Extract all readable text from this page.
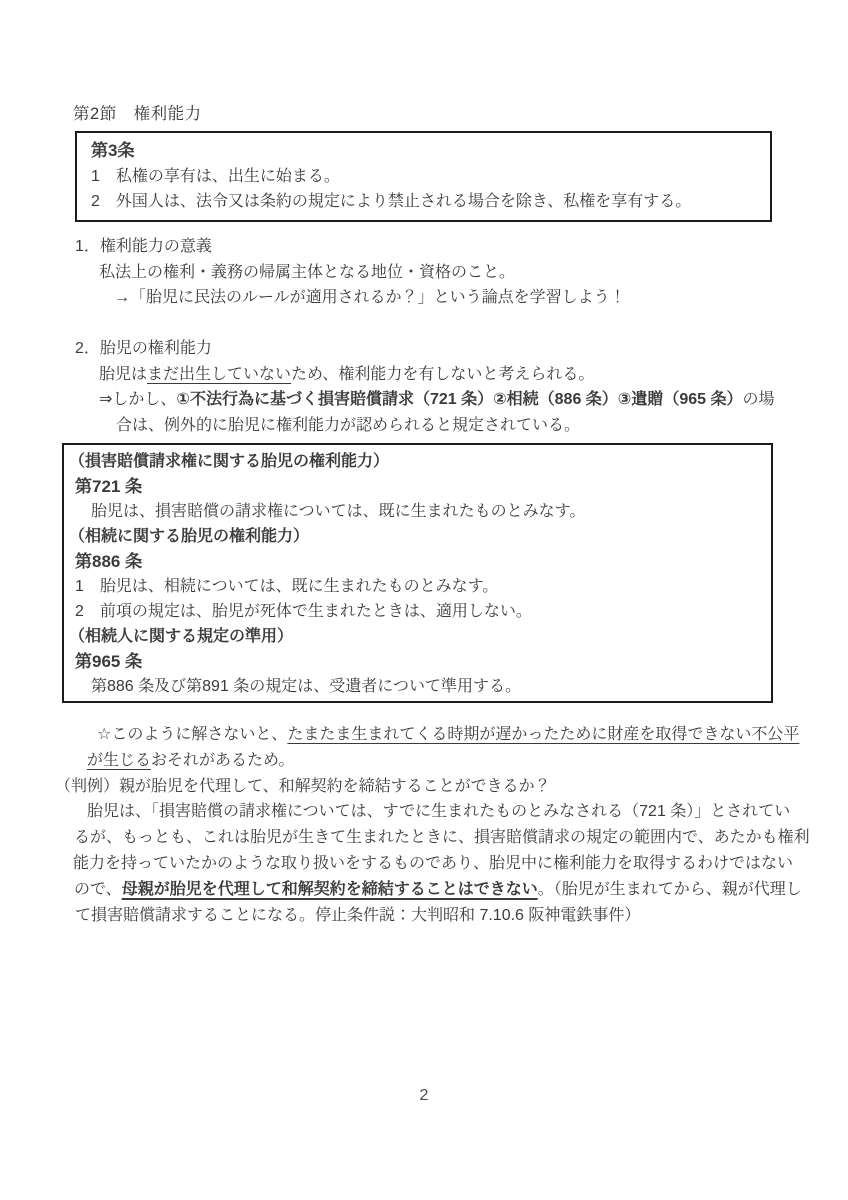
第2節　権利能力
第3条
1　私権の享有は、出生に始まる。
2　外国人は、法令又は条約の規定により禁止される場合を除き、私権を享有する。
1．権利能力の意義
私法上の権利・義務の帰属主体となる地位・資格のこと。
→「胎児に民法のルールが適用されるか？」という論点を学習しよう！
2．胎児の権利能力
胎児はまだ出生していないため、権利能力を有しないと考えられる。
⇒しかし、①不法行為に基づく損害賠償請求（721 条）②相続（886 条）③遺贈（965 条）の場
合は、例外的に胎児に権利能力が認められると規定されている。
（損害賠償請求権に関する胎児の権利能力）
第721 条
胎児は、損害賠償の請求権については、既に生まれたものとみなす。
（相続に関する胎児の権利能力）
第886 条
1　胎児は、相続については、既に生まれたものとみなす。
2　前項の規定は、胎児が死体で生まれたときは、適用しない。
（相続人に関する規定の準用）
第965 条
第886 条及び第891 条の規定は、受遺者について準用する。
☆このように解さないと、たまたま生まれてくる時期が遅かったために財産を取得できない不公平
が生じるおそれがあるため。
（判例）親が胎児を代理して、和解契約を締結することができるか？
胎児は、「損害賠償の請求権については、すでに生まれたものとみなされる（721 条）」とされてい
るが、もっとも、これは胎児が生きて生まれたときに、損害賠償請求の規定の範囲内で、あたかも権利
能力を持っていたかのような取り扱いをするものであり、胎児中に権利能力を取得するわけではない
ので、母親が胎児を代理して和解契約を締結することはできない。（胎児が生まれてから、親が代理し
て損害賠償請求することになる。停止条件説：大判昭和 7.10.6 阪神電鉄事件）
2
